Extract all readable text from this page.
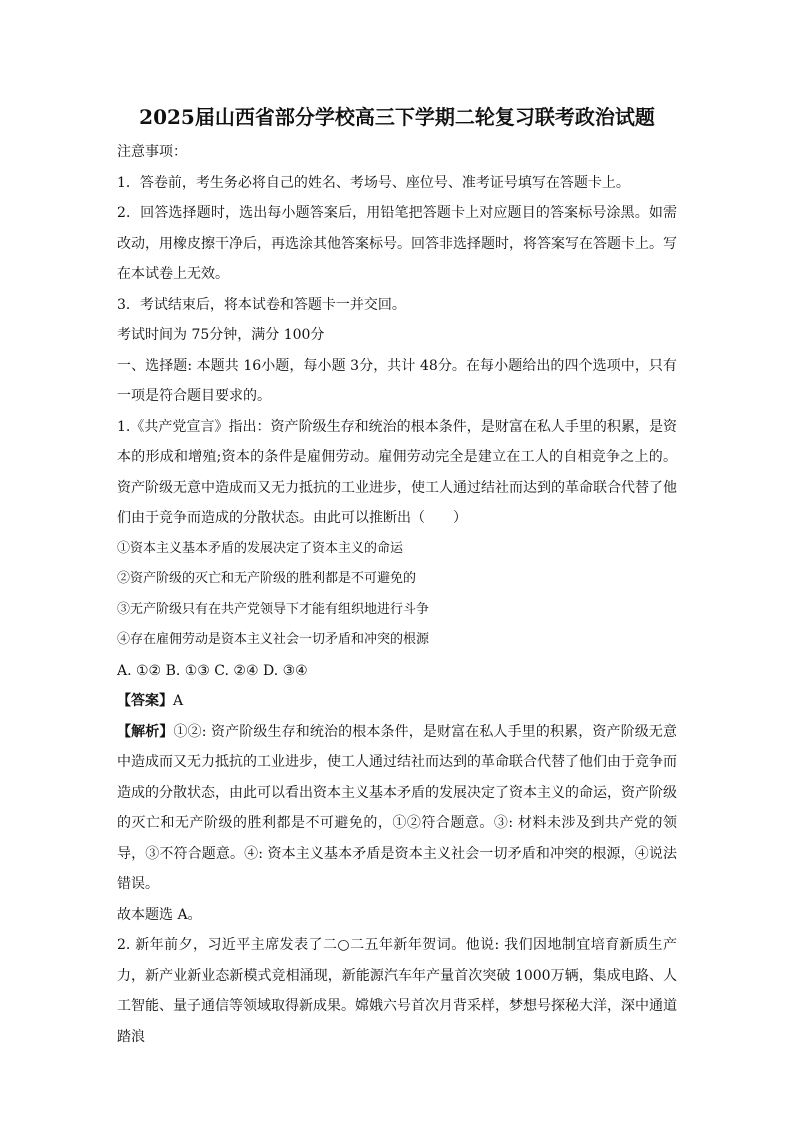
2025届山西省部分学校高三下学期二轮复习联考政治试题

注意事项：

1．答卷前，考生务必将自己的姓名、考场号、座位号、准考证号填写在答题卡上。

2．回答选择题时，选出每小题答案后，用铅笔把答题卡上对应题目的答案标号涂黑。如需改动，用橡皮擦干净后，再选涂其他答案标号。回答非选择题时，将答案写在答题卡上。写在本试卷上无效。

3．考试结束后，将本试卷和答题卡一并交回。

考试时间为 75分钟，满分 100分

一、选择题: 本题共 16小题，每小题 3分，共计 48分。在每小题给出的四个选项中，只有一项是符合题目要求的。

1.《共产党宣言》指出：资产阶级生存和统治的根本条件，是财富在私人手里的积累，是资本的形成和增殖;资本的条件是雇佣劳动。雇佣劳动完全是建立在工人的自相竞争之上的。资产阶级无意中造成而又无力抵抗的工业进步，使工人通过结社而达到的革命联合代替了他们由于竞争而造成的分散状态。由此可以推断出（　　）

①资本主义基本矛盾的发展决定了资本主义的命运

②资产阶级的灭亡和无产阶级的胜利都是不可避免的

③无产阶级只有在共产党领导下才能有组织地进行斗争

④存在雇佣劳动是资本主义社会一切矛盾和冲突的根源

A. ①② B. ①③ C. ②④ D. ③④

【答案】A

【解析】①②: 资产阶级生存和统治的根本条件，是财富在私人手里的积累，资产阶级无意中造成而又无力抵抗的工业进步，使工人通过结社而达到的革命联合代替了他们由于竞争而造成的分散状态，由此可以看出资本主义基本矛盾的发展决定了资本主义的命运，资产阶级的灭亡和无产阶级的胜利都是不可避免的，①②符合题意。③: 材料未涉及到共产党的领导，③不符合题意。④: 资本主义基本矛盾是资本主义社会一切矛盾和冲突的根源，④说法错误。

故本题选 A。

2. 新年前夕，习近平主席发表了二○二五年新年贺词。他说: 我们因地制宜培育新质生产力，新产业新业态新模式竞相涌现，新能源汽车年产量首次突破 1000万辆，集成电路、人工智能、量子通信等领域取得新成果。嫦娥六号首次月背采样，梦想号探秘大洋，深中通道踏浪
